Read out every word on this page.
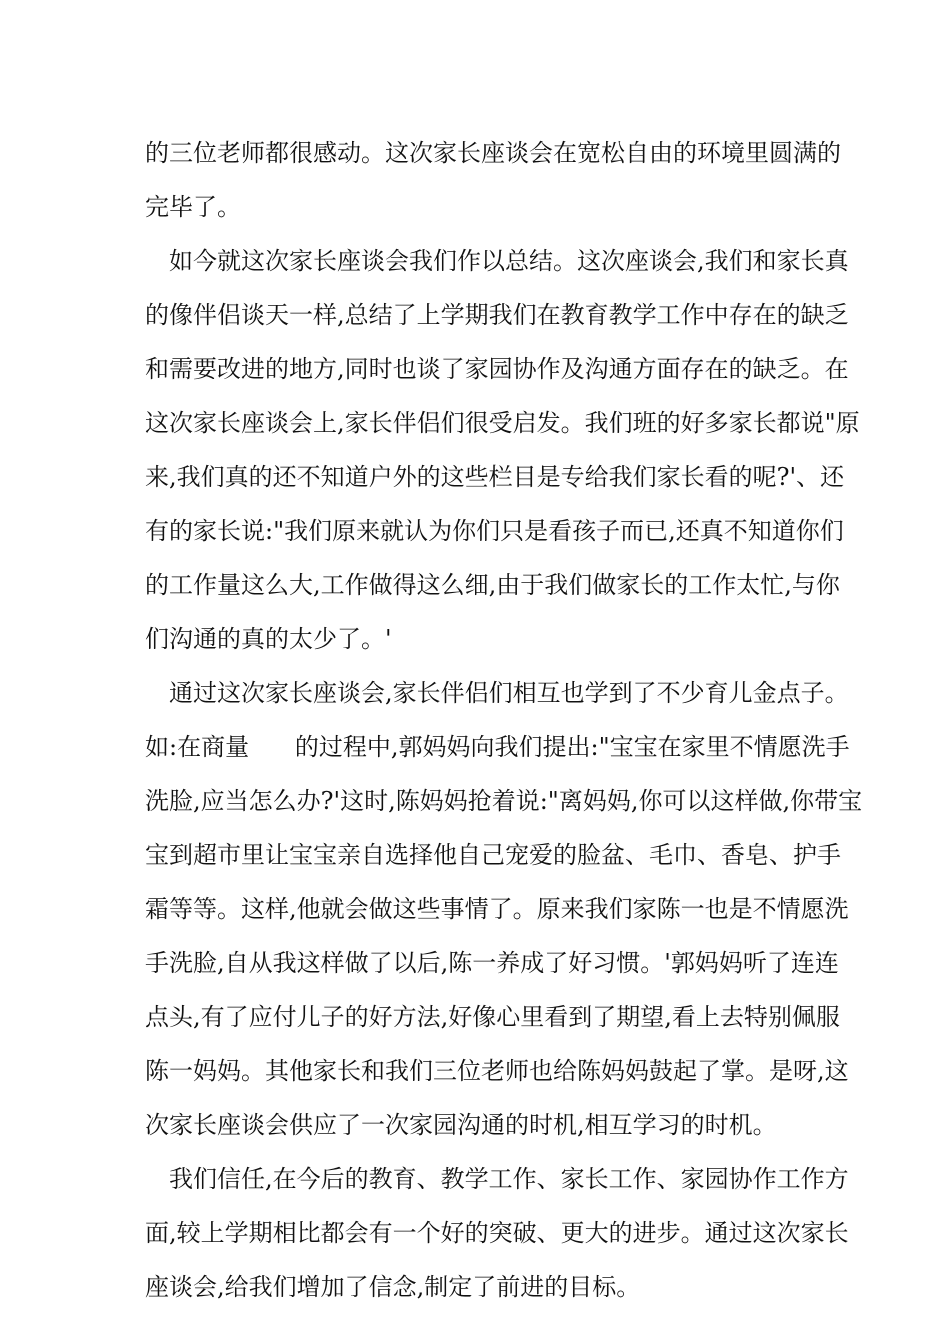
的三位老师都很感动。这次家长座谈会在宽松自由的环境里圆满的
完毕了。
如今就这次家长座谈会我们作以总结。这次座谈会,我们和家长真
的像伴侣谈天一样,总结了上学期我们在教育教学工作中存在的缺乏
和需要改进的地方,同时也谈了家园协作及沟通方面存在的缺乏。在
这次家长座谈会上,家长伴侣们很受启发。我们班的好多家长都说"原
来,我们真的还不知道户外的这些栏目是专给我们家长看的呢?'、还
有的家长说:"我们原来就认为你们只是看孩子而已,还真不知道你们
的工作量这么大,工作做得这么细,由于我们做家长的工作太忙,与你
们沟通的真的太少了。'
通过这次家长座谈会,家长伴侣们相互也学到了不少育儿金点子。
如:在商量      的过程中,郭妈妈向我们提出:"宝宝在家里不情愿洗手
洗脸,应当怎么办?'这时,陈妈妈抢着说:"离妈妈,你可以这样做,你带宝
宝到超市里让宝宝亲自选择他自己宠爱的脸盆、毛巾、香皂、护手
霜等等。这样,他就会做这些事情了。原来我们家陈一也是不情愿洗
手洗脸,自从我这样做了以后,陈一养成了好习惯。'郭妈妈听了连连
点头,有了应付儿子的好方法,好像心里看到了期望,看上去特别佩服
陈一妈妈。其他家长和我们三位老师也给陈妈妈鼓起了掌。是呀,这
次家长座谈会供应了一次家园沟通的时机,相互学习的时机。
我们信任,在今后的教育、教学工作、家长工作、家园协作工作方
面,较上学期相比都会有一个好的突破、更大的进步。通过这次家长
座谈会,给我们增加了信念,制定了前进的目标。
